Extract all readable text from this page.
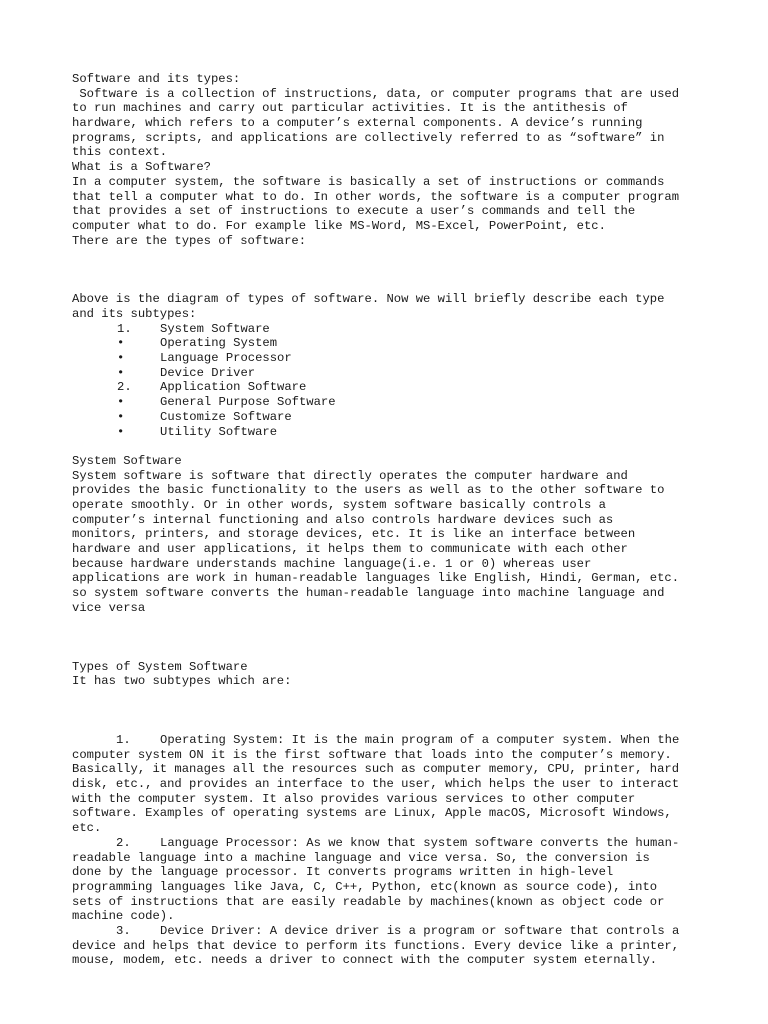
Software and its types:
Software is a collection of instructions, data, or computer programs that are used
to run machines and carry out particular activities. It is the antithesis of
hardware, which refers to a computer’s external components. A device’s running
programs, scripts, and applications are collectively referred to as “software” in
this context.
What is a Software?
In a computer system, the software is basically a set of instructions or commands
that tell a computer what to do. In other words, the software is a computer program
that provides a set of instructions to execute a user’s commands and tell the
computer what to do. For example like MS-Word, MS-Excel, PowerPoint, etc.
There are the types of software:
Above is the diagram of types of software. Now we will briefly describe each type
and its subtypes:
1. System Software
•	Operating System
•	Language Processor
•	Device Driver
2. Application Software
•	General Purpose Software
•	Customize Software
•	Utility Software
System Software
System software is software that directly operates the computer hardware and
provides the basic functionality to the users as well as to the other software to
operate smoothly. Or in other words, system software basically controls a
computer’s internal functioning and also controls hardware devices such as
monitors, printers, and storage devices, etc. It is like an interface between
hardware and user applications, it helps them to communicate with each other
because hardware understands machine language(i.e. 1 or 0) whereas user
applications are work in human-readable languages like English, Hindi, German, etc.
so system software converts the human-readable language into machine language and
vice versa
Types of System Software
It has two subtypes which are:
1. Operating System: It is the main program of a computer system. When the
computer system ON it is the first software that loads into the computer’s memory.
Basically, it manages all the resources such as computer memory, CPU, printer, hard
disk, etc., and provides an interface to the user, which helps the user to interact
with the computer system. It also provides various services to other computer
software. Examples of operating systems are Linux, Apple macOS, Microsoft Windows,
etc.
2. Language Processor: As we know that system software converts the human-
readable language into a machine language and vice versa. So, the conversion is
done by the language processor. It converts programs written in high-level
programming languages like Java, C, C++, Python, etc(known as source code), into
sets of instructions that are easily readable by machines(known as object code or
machine code).
3. Device Driver: A device driver is a program or software that controls a
device and helps that device to perform its functions. Every device like a printer,
mouse, modem, etc. needs a driver to connect with the computer system eternally.
